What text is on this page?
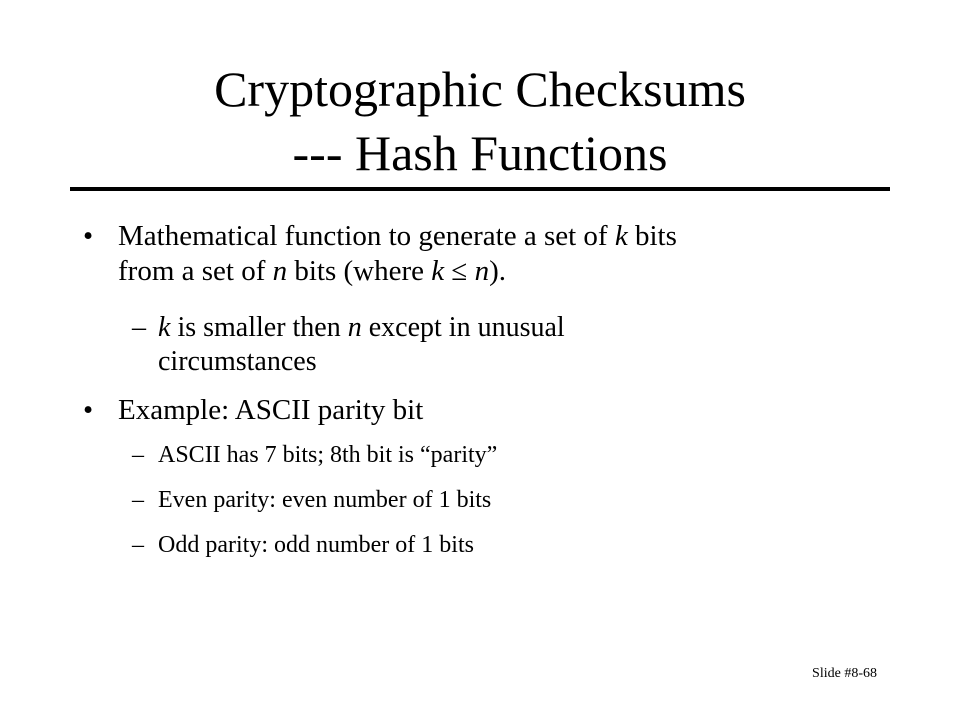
Cryptographic Checksums
--- Hash Functions
• Mathematical function to generate a set of k bits
from a set of n bits (where k ≤ n).
– k is smaller then n except in unusual
circumstances
• Example: ASCII parity bit
– ASCII has 7 bits; 8th bit is “parity”
– Even parity: even number of 1 bits
– Odd parity: odd number of 1 bits
Slide #8-68
